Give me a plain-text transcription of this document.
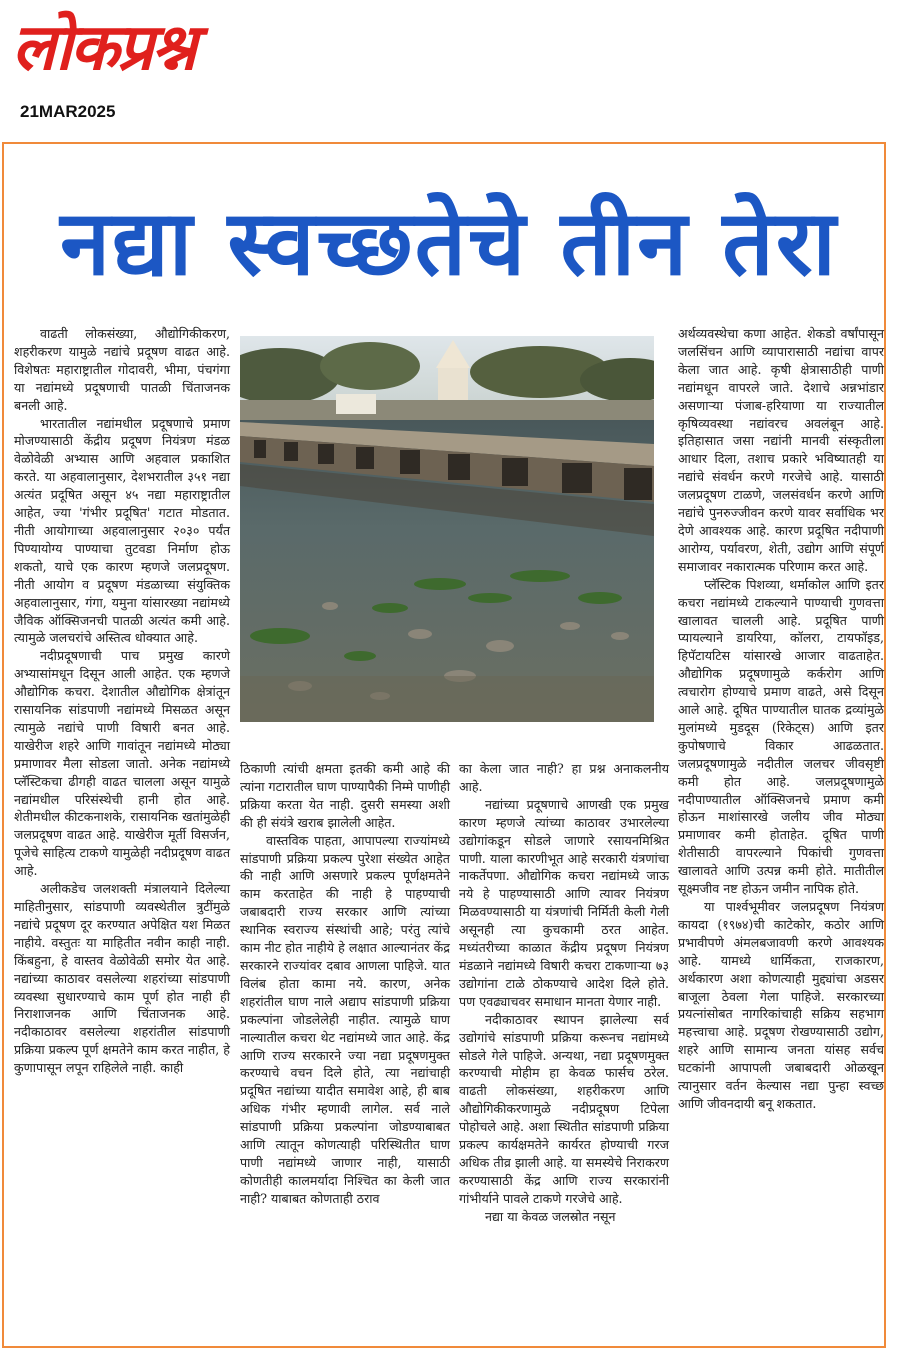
लोकप्रश्न
21MAR2025
नद्या स्वच्छतेचे तीन तेरा

वाढती लोकसंख्या, औद्योगिकीकरण, शहरीकरण यामुळे नद्यांचे प्रदूषण वाढत आहे. विशेषतः महाराष्ट्रातील गोदावरी, भीमा, पंचगंगा या नद्यांमध्ये प्रदूषणाची पातळी चिंताजनक बनली आहे.

भारतातील नद्यांमधील प्रदूषणाचे प्रमाण मोजण्यासाठी केंद्रीय प्रदूषण नियंत्रण मंडळ वेळोवेळी अभ्यास आणि अहवाल प्रकाशित करते. या अहवालानुसार, देशभरातील ३५१ नद्या अत्यंत प्रदूषित असून ४५ नद्या महाराष्ट्रातील आहेत, ज्या 'गंभीर प्रदूषित' गटात मोडतात. नीती आयोगाच्या अहवालानुसार २०३० पर्यंत पिण्यायोग्य पाण्याचा तुटवडा निर्माण होऊ शकतो, याचे एक कारण म्हणजे जलप्रदूषण. नीती आयोग व प्रदूषण मंडळाच्या संयुक्तिक अहवालानुसार, गंगा, यमुना यांसारख्या नद्यांमध्ये जैविक ऑक्सिजनची पातळी अत्यंत कमी आहे. त्यामुळे जलचरांचे अस्तित्व धोक्यात आहे.

नदीप्रदूषणाची पाच प्रमुख कारणे अभ्यासांमधून दिसून आली आहेत. एक म्हणजे औद्योगिक कचरा. देशातील औद्योगिक क्षेत्रांतून रासायनिक सांडपाणी नद्यांमध्ये मिसळत असून त्यामुळे नद्यांचे पाणी विषारी बनत आहे. याखेरीज शहरे आणि गावांतून नद्यांमध्ये मोठ्या प्रमाणावर मैला सोडला जातो. अनेक नद्यांमध्ये प्लॅस्टिकचा ढीगही वाढत चालला असून यामुळे नद्यांमधील परिसंस्थेची हानी होत आहे. शेतीमधील कीटकनाशके, रासायनिक खतांमुळेही जलप्रदूषण वाढत आहे. याखेरीज मूर्ती विसर्जन, पूजेचे साहित्य टाकणे यामुळेही नदीप्रदूषण वाढत आहे.

अलीकडेच जलशक्ती मंत्रालयाने दिलेल्या माहितीनुसार, सांडपाणी व्यवस्थेतील त्रुटींमुळे नद्यांचे प्रदूषण दूर करण्यात अपेक्षित यश मिळत नाहीये. वस्तुतः या माहितीत नवीन काही नाही. किंबहुना, हे वास्तव वेळोवेळी समोर येत आहे. नद्यांच्या काठावर वसलेल्या शहरांच्या सांडपाणी व्यवस्था सुधारण्याचे काम पूर्ण होत नाही ही निराशाजनक आणि चिंताजनक आहे. नदीकाठावर वसलेल्या शहरांतील सांडपाणी प्रक्रिया प्रकल्प पूर्ण क्षमतेने काम करत नाहीत, हे कुणापासून लपून राहिलेले नाही. काही

ठिकाणी त्यांची क्षमता इतकी कमी आहे की त्यांना गटारातील घाण पाण्यापैकी निम्मे पाणीही प्रक्रिया करता येत नाही. दुसरी समस्या अशी की ही संयंत्रे खराब झालेली आहेत.

वास्तविक पाहता, आपापल्या राज्यांमध्ये सांडपाणी प्रक्रिया प्रकल्प पुरेशा संख्येत आहेत की नाही आणि असणारे प्रकल्प पूर्णक्षमतेने काम करताहेत की नाही हे पाहण्याची जबाबदारी राज्य सरकार आणि त्यांच्या स्थानिक स्वराज्य संस्थांची आहे; परंतु त्यांचे काम नीट होत नाहीये हे लक्षात आल्यानंतर केंद्र सरकारने राज्यांवर दबाव आणला पाहिजे. यात विलंब होता कामा नये. कारण, अनेक शहरांतील घाण नाले अद्याप सांडपाणी प्रक्रिया प्रकल्पांना जोडलेलेही नाहीत. त्यामुळे घाण नाल्यातील कचरा थेट नद्यांमध्ये जात आहे. केंद्र आणि राज्य सरकारने ज्या नद्या प्रदूषणमुक्त करण्याचे वचन दिले होते, त्या नद्यांचाही प्रदूषित नद्यांच्या यादीत समावेश आहे, ही बाब अधिक गंभीर म्हणावी लागेल. सर्व नाले सांडपाणी प्रक्रिया प्रकल्पांना जोडण्याबाबत आणि त्यातून कोणत्याही परिस्थितीत घाण पाणी नद्यांमध्ये जाणार नाही, यासाठी कोणतीही कालमर्यादा निश्चित का केली जात नाही? याबाबत कोणताही ठराव

का केला जात नाही? हा प्रश्न अनाकलनीय आहे.

नद्यांच्या प्रदूषणाचे आणखी एक प्रमुख कारण म्हणजे त्यांच्या काठावर उभारलेल्या उद्योगांकडून सोडले जाणारे रसायनमिश्रित पाणी. याला कारणीभूत आहे सरकारी यंत्रणांचा नाकर्तेपणा. औद्योगिक कचरा नद्यांमध्ये जाऊ नये हे पाहण्यासाठी आणि त्यावर नियंत्रण मिळवण्यासाठी या यंत्रणांची निर्मिती केली गेली असूनही त्या कुचकामी ठरत आहेत. मध्यंतरीच्या काळात केंद्रीय प्रदूषण नियंत्रण मंडळाने नद्यांमध्ये विषारी कचरा टाकणार्‍या ७३ उद्योगांना टाळे ठोकण्याचे आदेश दिले होते. पण एवढ्याचवर समाधान मानता येणार नाही.

नदीकाठावर स्थापन झालेल्या सर्व उद्योगांचे सांडपाणी प्रक्रिया करूनच नद्यांमध्ये सोडले गेले पाहिजे. अन्यथा, नद्या प्रदूषणमुक्त करण्याची मोहीम हा केवळ फार्सच ठरेल. वाढती लोकसंख्या, शहरीकरण आणि औद्योगिकीकरणामुळे नदीप्रदूषण टिपेला पोहोचले आहे. अशा स्थितीत सांडपाणी प्रक्रिया प्रकल्प कार्यक्षमतेने कार्यरत होण्याची गरज अधिक तीव्र झाली आहे. या समस्येचे निराकरण करण्यासाठी केंद्र आणि राज्य सरकारांनी गांभीर्याने पावले टाकणे गरजेचे आहे.

नद्या या केवळ जलस्रोत नसून

अर्थव्यवस्थेचा कणा आहेत. शेकडो वर्षांपासून जलसिंचन आणि व्यापारासाठी नद्यांचा वापर केला जात आहे. कृषी क्षेत्रासाठीही पाणी नद्यांमधून वापरले जाते. देशाचे अन्नभांडार असणार्‍या पंजाब-हरियाणा या राज्यातील कृषिव्यवस्था नद्यांवरच अवलंबून आहे. इतिहासात जसा नद्यांनी मानवी संस्कृतीला आधार दिला, तशाच प्रकारे भविष्यातही या नद्यांचे संवर्धन करणे गरजेचे आहे. यासाठी जलप्रदूषण टाळणे, जलसंवर्धन करणे आणि नद्यांचे पुनरुज्जीवन करणे यावर सर्वाधिक भर देणे आवश्यक आहे. कारण प्रदूषित नदीपाणी आरोग्य, पर्यावरण, शेती, उद्योग आणि संपूर्ण समाजावर नकारात्मक परिणाम करत आहे.

प्लॅस्टिक पिशव्या, थर्माकोल आणि इतर कचरा नद्यांमध्ये टाकल्याने पाण्याची गुणवत्ता खालावत चालली आहे. प्रदूषित पाणी प्यायल्याने डायरिया, कॉलरा, टायफॉइड, हिपॅटायटिस यांसारखे आजार वाढताहेत. औद्योगिक प्रदूषणामुळे कर्करोग आणि त्वचारोग होण्याचे प्रमाण वाढते, असे दिसून आले आहे. दूषित पाण्यातील घातक द्रव्यांमुळे मुलांमध्ये मुडदूस (रिकेट्स) आणि इतर कुपोषणाचे विकार आढळतात. जलप्रदूषणामुळे नदीतील जलचर जीवसृष्टी कमी होत आहे. जलप्रदूषणामुळे नदीपाण्यातील ऑक्सिजनचे प्रमाण कमी होऊन माशांसारखे जलीय जीव मोठ्या प्रमाणावर कमी होताहेत. दूषित पाणी शेतीसाठी वापरल्याने पिकांची गुणवत्ता खालावते आणि उत्पन्न कमी होते. मातीतील सूक्ष्मजीव नष्ट होऊन जमीन नापिक होते.

या पार्श्वभूमीवर जलप्रदूषण नियंत्रण कायदा (१९७४)ची काटेकोर, कठोर आणि प्रभावीपणे अंमलबजावणी करणे आवश्यक आहे. यामध्ये धार्मिकता, राजकारण, अर्थकारण अशा कोणत्याही मुद्द्यांचा अडसर बाजूला ठेवला गेला पाहिजे. सरकारच्या प्रयत्नांसोबत नागरिकांचाही सक्रिय सहभाग महत्त्वाचा आहे. प्रदूषण रोखण्यासाठी उद्योग, शहरे आणि सामान्य जनता यांसह सर्वच घटकांनी आपापली जबाबदारी ओळखून त्यानुसार वर्तन केल्यास नद्या पुन्हा स्वच्छ आणि जीवनदायी बनू शकतात.
